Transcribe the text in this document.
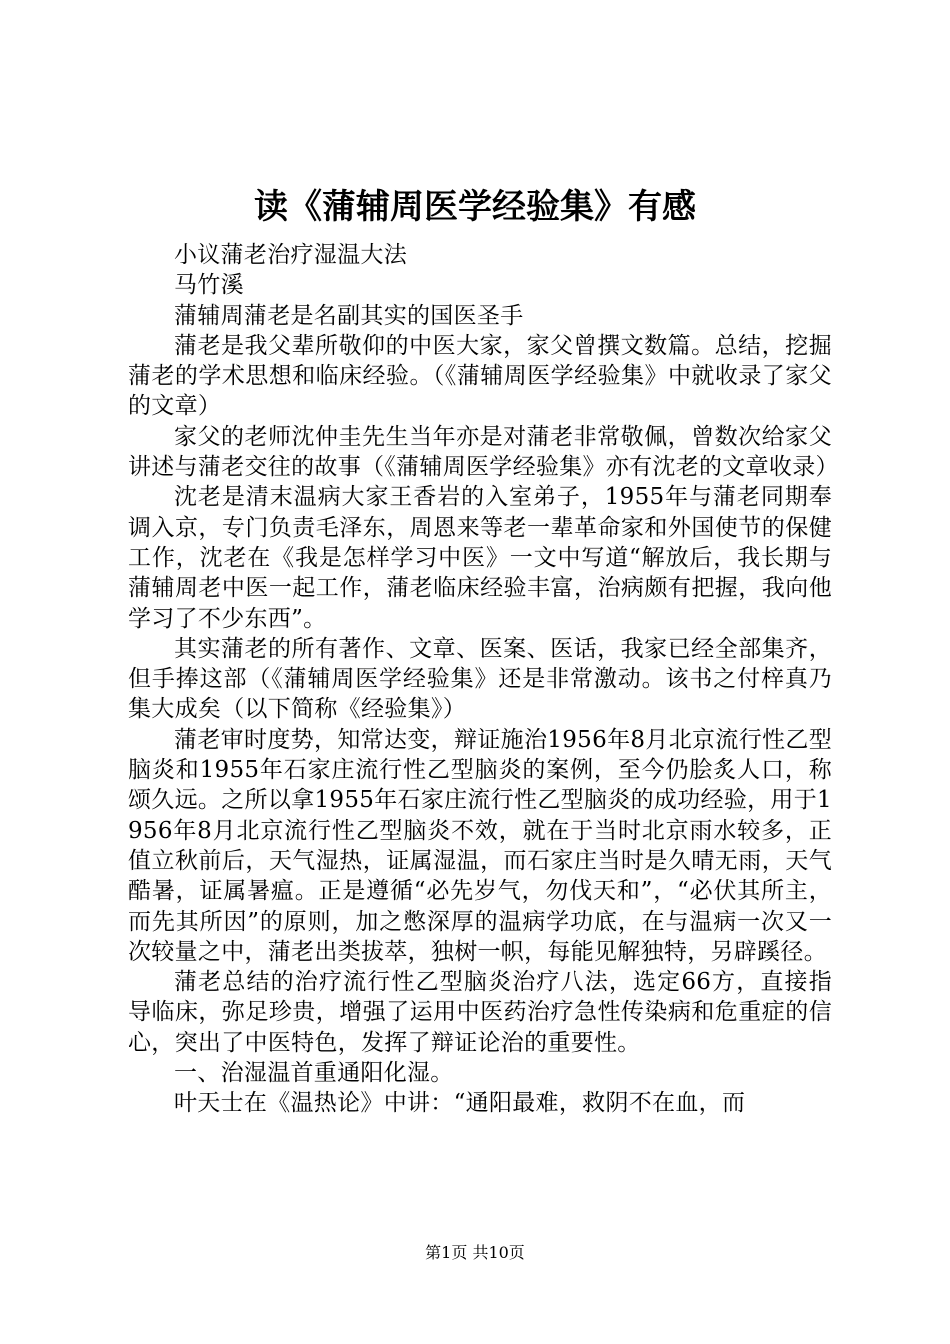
读《蒲辅周医学经验集》有感

小议蒲老治疗湿温大法

马竹溪

蒲辅周蒲老是名副其实的国医圣手

蒲老是我父辈所敬仰的中医大家，家父曾撰文数篇。总结，挖掘蒲老的学术思想和临床经验。（《蒲辅周医学经验集》中就收录了家父的文章）

家父的老师沈仲圭先生当年亦是对蒲老非常敬佩，曾数次给家父讲述与蒲老交往的故事（《蒲辅周医学经验集》亦有沈老的文章收录）

沈老是清末温病大家王香岩的入室弟子，1955年与蒲老同期奉调入京，专门负责毛泽东，周恩来等老一辈革命家和外国使节的保健工作，沈老在《我是怎样学习中医》一文中写道“解放后，我长期与蒲辅周老中医一起工作，蒲老临床经验丰富，治病颇有把握，我向他学习了不少东西”。

其实蒲老的所有著作、文章、医案、医话，我家已经全部集齐，但手捧这部（《蒲辅周医学经验集》还是非常激动。该书之付梓真乃集大成矣（以下简称《经验集》）

蒲老审时度势，知常达变，辩证施治1956年8月北京流行性乙型脑炎和1955年石家庄流行性乙型脑炎的案例，至今仍脍炙人口，称颂久远。之所以拿1955年石家庄流行性乙型脑炎的成功经验，用于1956年8月北京流行性乙型脑炎不效，就在于当时北京雨水较多，正值立秋前后，天气湿热，证属湿温，而石家庄当时是久晴无雨，天气酷暑，证属暑瘟。正是遵循“必先岁气，勿伐天和”，“必伏其所主，而先其所因”的原则，加之憋深厚的温病学功底，在与温病一次又一次较量之中，蒲老出类拔萃，独树一帜，每能见解独特，另辟蹊径。

蒲老总结的治疗流行性乙型脑炎治疗八法，选定66方，直接指导临床，弥足珍贵，增强了运用中医药治疗急性传染病和危重症的信心，突出了中医特色，发挥了辩证论治的重要性。

一、治湿温首重通阳化湿。

叶天士在《温热论》中讲：“通阳最难，救阴不在血，而

第1页 共10页
